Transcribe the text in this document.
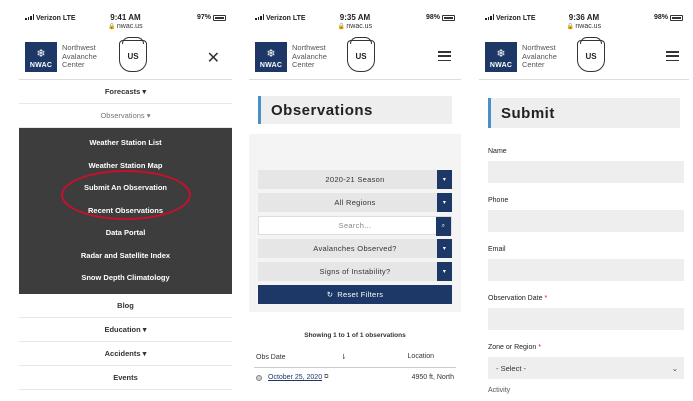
Verizon LTE	9:41 AM
🔒nwac.us
97%
❄
NWAC
Northwest
Avalanche
Center
US	✕
Forecasts ▾
Observations ▾
Weather Station List
Weather Station Map
Submit An Observation
Recent Observations
Data Portal
Radar and Satellite Index
Snow Depth Climatology
Blog
Education ▾
Accidents ▾
Events
Verizon LTE	9:35 AM
🔒nwac.us
98%
❄
NWAC
Northwest
Avalanche
Center
US
Observations
2020-21 Season	▾
All Regions	▾
Search...	⌕
Avalanches Observed?	▾
Signs of Instability?	▾
↻ Reset Filters
Showing 1 to 1 of 1 observations
Obs Date	⇂	Location
October 25, 2020 ⧉	4950 ft, North
Verizon LTE	9:36 AM
🔒nwac.us
98%
❄
NWAC
Northwest
Avalanche
Center
US
Submit
Name
Phone
Email
Observation Date *
Zone or Region *
- Select -	⌄
Activity
